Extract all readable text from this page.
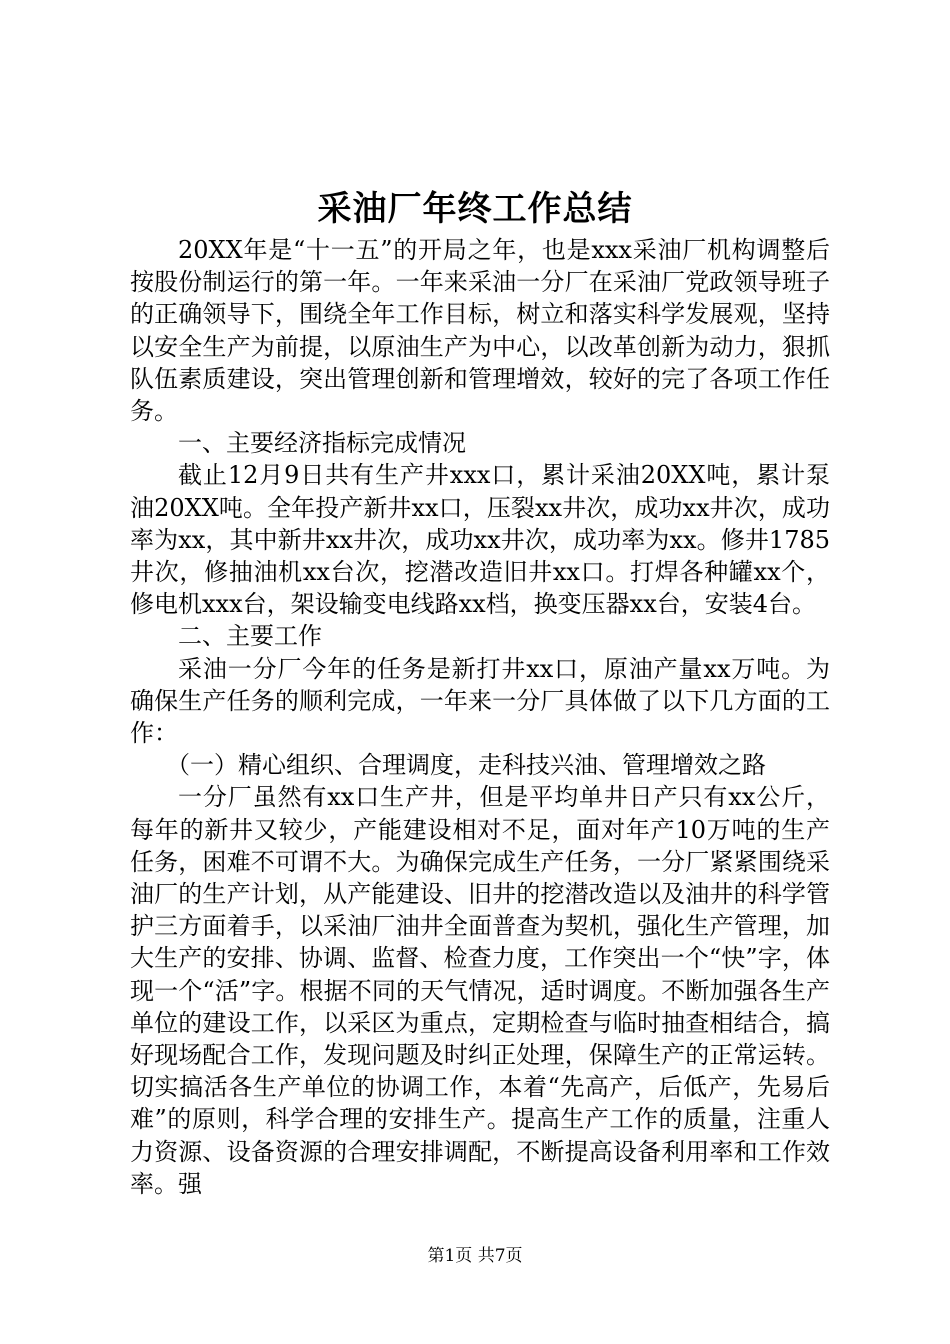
采油厂年终工作总结

20XX年是“十一五”的开局之年，也是xxx采油厂机构调整后按股份制运行的第一年。一年来采油一分厂在采油厂党政领导班子的正确领导下，围绕全年工作目标，树立和落实科学发展观，坚持以安全生产为前提，以原油生产为中心，以改革创新为动力，狠抓队伍素质建设，突出管理创新和管理增效，较好的完了各项工作任务。

一、主要经济指标完成情况

截止12月9日共有生产井xxx口，累计采油20XX吨，累计泵油20XX吨。全年投产新井xx口，压裂xx井次，成功xx井次，成功率为xx，其中新井xx井次，成功xx井次，成功率为xx。修井1785井次，修抽油机xx台次，挖潜改造旧井xx口。打焊各种罐xx个，修电机xxx台，架设输变电线路xx档，换变压器xx台，安装4台。

二、主要工作

采油一分厂今年的任务是新打井xx口，原油产量xx万吨。为确保生产任务的顺利完成，一年来一分厂具体做了以下几方面的工作：

（一）精心组织、合理调度，走科技兴油、管理增效之路

一分厂虽然有xx口生产井，但是平均单井日产只有xx公斤，每年的新井又较少，产能建设相对不足，面对年产10万吨的生产任务，困难不可谓不大。为确保完成生产任务，一分厂紧紧围绕采油厂的生产计划，从产能建设、旧井的挖潜改造以及油井的科学管护三方面着手，以采油厂油井全面普查为契机，强化生产管理，加大生产的安排、协调、监督、检查力度，工作突出一个“快”字，体现一个“活”字。根据不同的天气情况，适时调度。不断加强各生产单位的建设工作，以采区为重点，定期检查与临时抽查相结合，搞好现场配合工作，发现问题及时纠正处理，保障生产的正常运转。切实搞活各生产单位的协调工作，本着“先高产，后低产，先易后难”的原则，科学合理的安排生产。提高生产工作的质量，注重人力资源、设备资源的合理安排调配，不断提高设备利用率和工作效率。强

第1页 共7页
